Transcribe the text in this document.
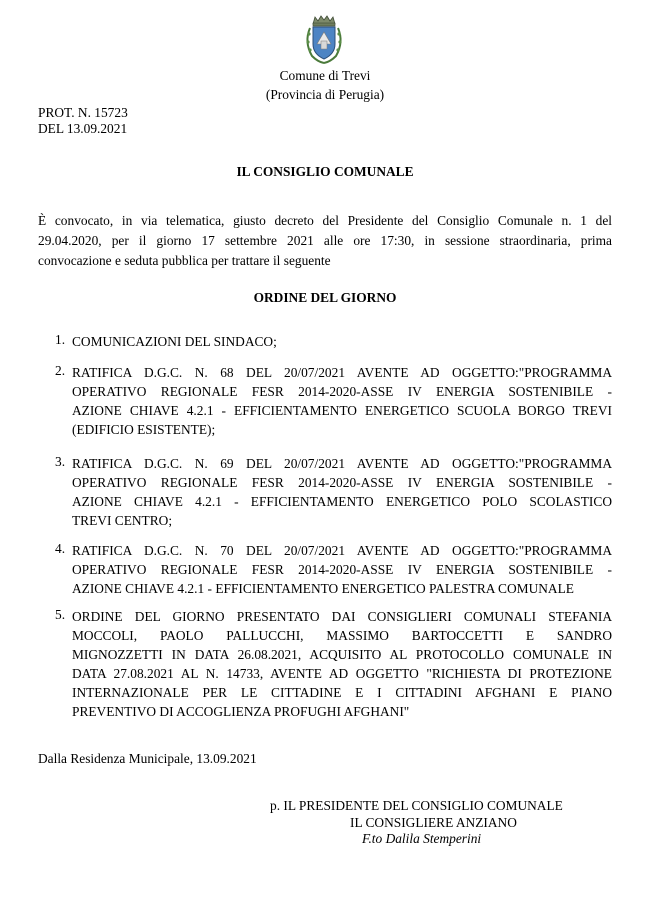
Comune di Trevi
(Provincia di Perugia)
PROT. N. 15723
DEL 13.09.2021
IL CONSIGLIO COMUNALE
È convocato, in via telematica, giusto decreto del Presidente del Consiglio Comunale n. 1 del
29.04.2020, per il giorno 17 settembre 2021 alle ore 17:30, in sessione straordinaria, prima
convocazione e seduta pubblica per trattare il seguente
ORDINE DEL GIORNO
1. COMUNICAZIONI DEL SINDACO;
2. RATIFICA D.G.C. N. 68 DEL 20/07/2021 AVENTE AD OGGETTO:"PROGRAMMA
OPERATIVO REGIONALE FESR 2014-2020-ASSE IV ENERGIA SOSTENIBILE -
AZIONE CHIAVE 4.2.1 - EFFICIENTAMENTO ENERGETICO SCUOLA BORGO TREVI
(EDIFICIO ESISTENTE);
3. RATIFICA D.G.C. N. 69 DEL 20/07/2021 AVENTE AD OGGETTO:"PROGRAMMA
OPERATIVO REGIONALE FESR 2014-2020-ASSE IV ENERGIA SOSTENIBILE -
AZIONE CHIAVE 4.2.1 - EFFICIENTAMENTO ENERGETICO POLO SCOLASTICO
TREVI CENTRO;
4. RATIFICA D.G.C. N. 70 DEL 20/07/2021 AVENTE AD OGGETTO:"PROGRAMMA
OPERATIVO REGIONALE FESR 2014-2020-ASSE IV ENERGIA SOSTENIBILE -
AZIONE CHIAVE 4.2.1 - EFFICIENTAMENTO ENERGETICO PALESTRA COMUNALE
5. ORDINE DEL GIORNO PRESENTATO DAI CONSIGLIERI COMUNALI STEFANIA
MOCCOLI, PAOLO PALLUCCHI, MASSIMO BARTOCCETTI E SANDRO
MIGNOZZETTI IN DATA 26.08.2021, ACQUISITO AL PROTOCOLLO COMUNALE IN
DATA 27.08.2021 AL N. 14733, AVENTE AD OGGETTO "RICHIESTA DI PROTEZIONE
INTERNAZIONALE PER LE CITTADINE E I CITTADINI AFGHANI E PIANO
PREVENTIVO DI ACCOGLIENZA PROFUGHI AFGHANI"
Dalla Residenza Municipale, 13.09.2021
p. IL PRESIDENTE DEL CONSIGLIO COMUNALE
IL CONSIGLIERE ANZIANO
F.to Dalila Stemperini
